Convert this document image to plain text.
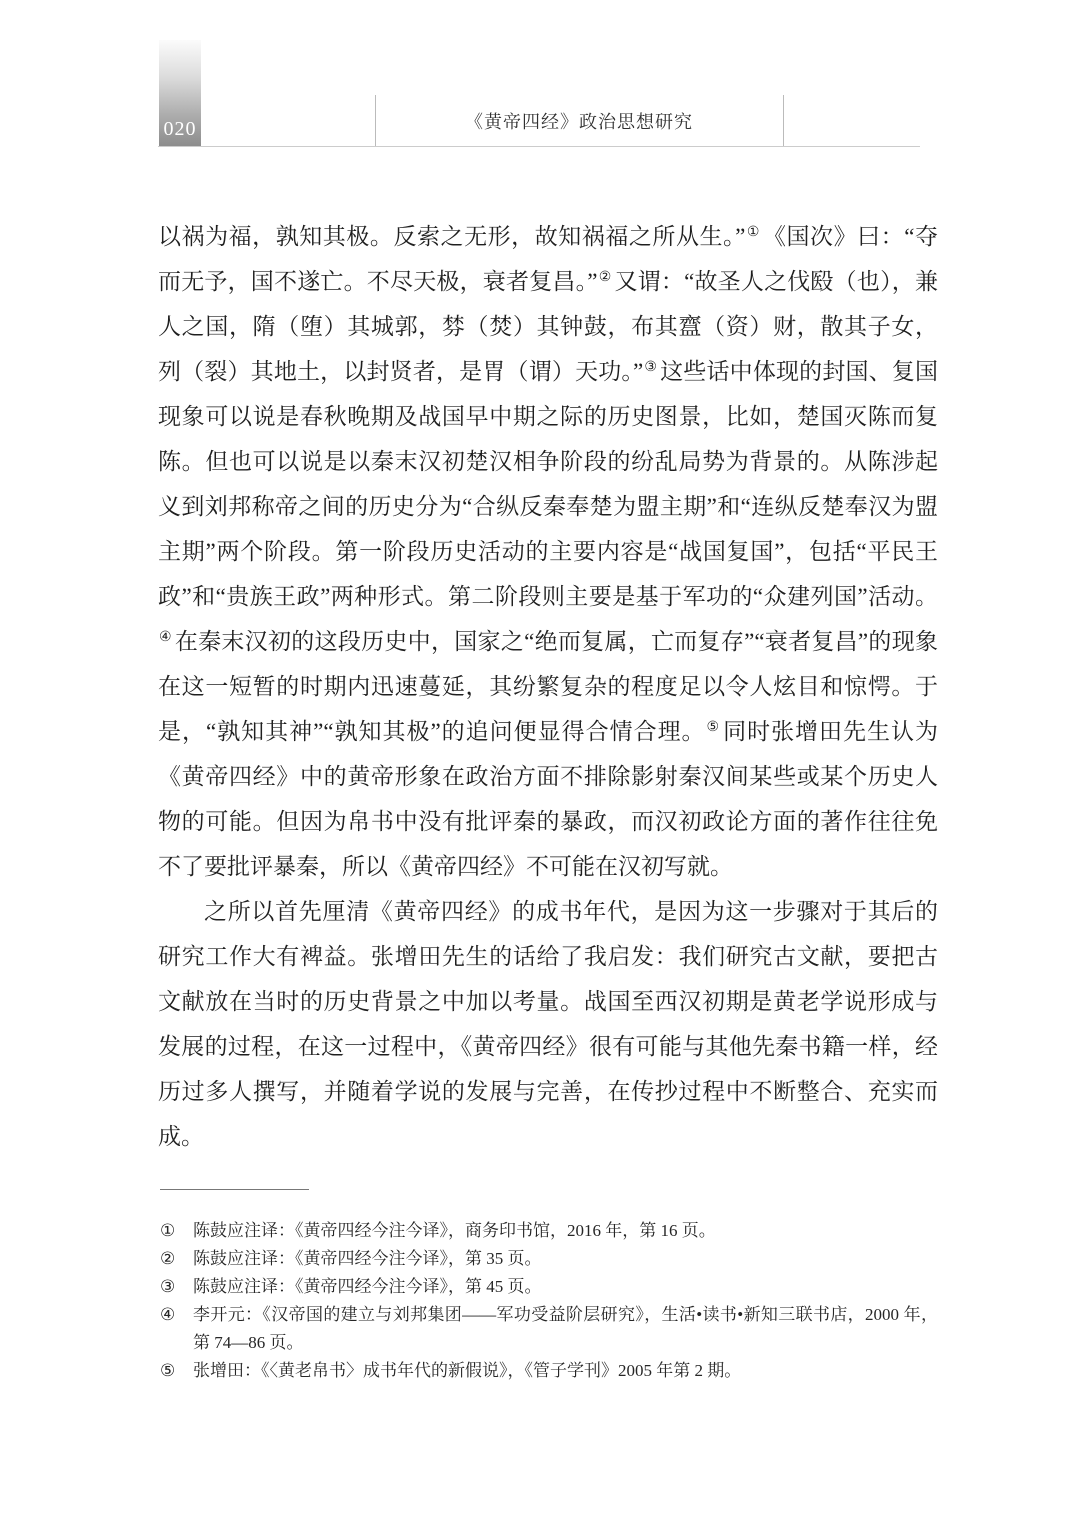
020	《黄帝四经》政治思想研究

以祸为福，孰知其极。反索之无形，故知祸福之所从生。”① 《国次》曰：“夺而无予，国不遂亡。不尽天极，衰者复昌。”② 又谓：“故圣人之伐殹（也），兼人之国，隋（堕）其城郭，棼（焚）其钟鼓，布其齍（资）财，散其子女，列（裂）其地土，以封贤者，是胃（谓）天功。”③ 这些话中体现的封国、复国现象可以说是春秋晚期及战国早中期之际的历史图景，比如，楚国灭陈而复陈。但也可以说是以秦末汉初楚汉相争阶段的纷乱局势为背景的。从陈涉起义到刘邦称帝之间的历史分为“合纵反秦奉楚为盟主期”和“连纵反楚奉汉为盟主期”两个阶段。第一阶段历史活动的主要内容是“战国复国”，包括“平民王政”和“贵族王政”两种形式。第二阶段则主要是基于军功的“众建列国”活动。④ 在秦末汉初的这段历史中，国家之“绝而复属，亡而复存”“衰者复昌”的现象在这一短暂的时期内迅速蔓延，其纷繁复杂的程度足以令人炫目和惊愕。于是，“孰知其神”“孰知其极”的追问便显得合情合理。⑤ 同时张增田先生认为《黄帝四经》中的黄帝形象在政治方面不排除影射秦汉间某些或某个历史人物的可能。但因为帛书中没有批评秦的暴政，而汉初政论方面的著作往往免不了要批评暴秦，所以《黄帝四经》不可能在汉初写就。

之所以首先厘清《黄帝四经》的成书年代，是因为这一步骤对于其后的研究工作大有裨益。张增田先生的话给了我启发：我们研究古文献，要把古文献放在当时的历史背景之中加以考量。战国至西汉初期是黄老学说形成与发展的过程，在这一过程中，《黄帝四经》很有可能与其他先秦书籍一样，经历过多人撰写，并随着学说的发展与完善，在传抄过程中不断整合、充实而成。

① 陈鼓应注译：《黄帝四经今注今译》，商务印书馆，2016 年，第 16 页。
② 陈鼓应注译：《黄帝四经今注今译》，第 35 页。
③ 陈鼓应注译：《黄帝四经今注今译》，第 45 页。
④ 李开元：《汉帝国的建立与刘邦集团——军功受益阶层研究》，生活•读书•新知三联书店，2000 年，第 74—86 页。
⑤ 张增田：《〈黄老帛书〉成书年代的新假说》，《管子学刊》2005 年第 2 期。
